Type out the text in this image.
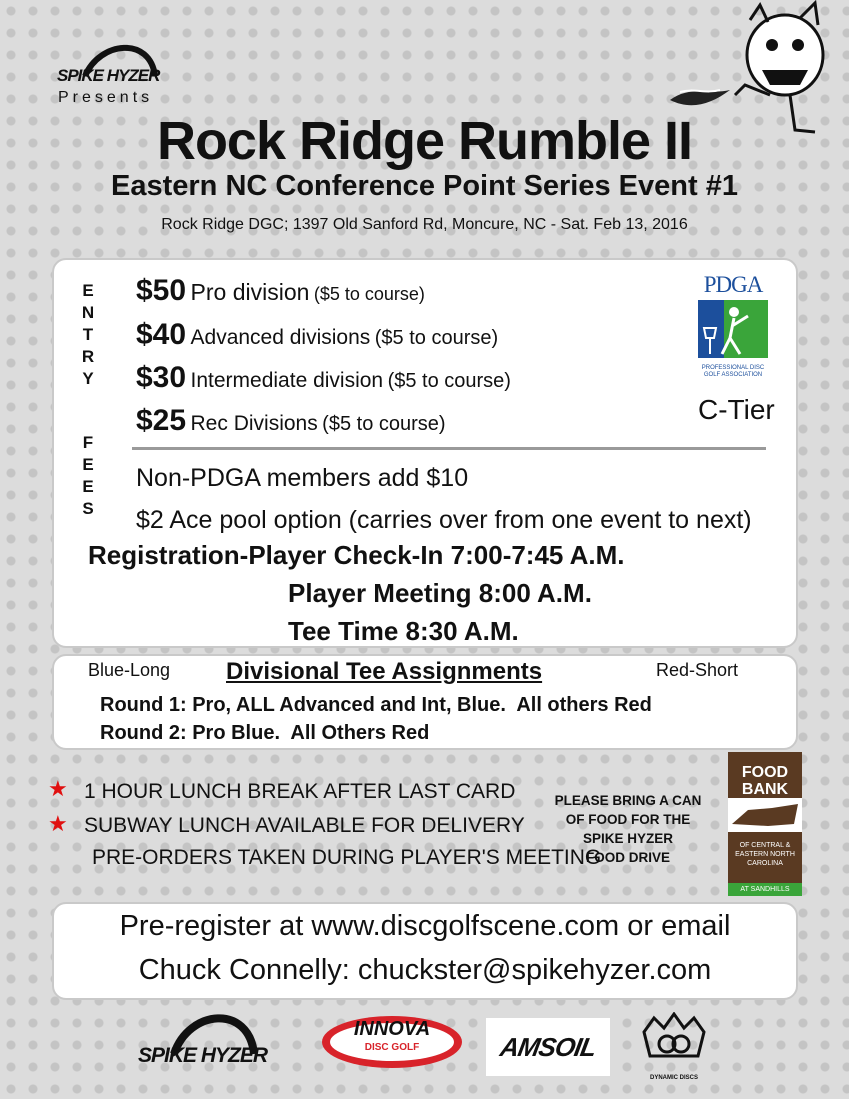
SPIKE HYZER
Presents
Rock Ridge Rumble II
Eastern NC Conference Point Series Event #1
Rock Ridge DGC; 1397 Old Sanford Rd, Moncure, NC - Sat. Feb 13, 2016
E
N
T
R
Y
F
E
E
S
$50 Pro division ($5 to course)
$40 Advanced divisions ($5 to course)
$30 Intermediate division ($5 to course)
$25 Rec Divisions ($5 to course)
Non-PDGA members add $10
$2 Ace pool option (carries over from one event to next)
PDGA
PROFESSIONAL DISC GOLF ASSOCIATION
C-Tier
Registration-Player Check-In 7:00-7:45 A.M.
Player Meeting 8:00 A.M.
Tee Time 8:30 A.M.
Blue-Long Divisional Tee Assignments	Red-Short
Round 1: Pro, ALL Advanced and Int, Blue.  All others Red
Round 2: Pro Blue.  All Others Red
★ 1 HOUR LUNCH BREAK AFTER LAST CARD
★ SUBWAY LUNCH AVAILABLE FOR DELIVERY
PRE-ORDERS TAKEN DURING PLAYER'S MEETING
PLEASE BRING A CAN
OF FOOD FOR THE
SPIKE HYZER
FOOD DRIVE
FOOD
BANK
OF CENTRAL & EASTERN NORTH CAROLINA
AT SANDHILLS
Pre-register at www.discgolfscene.com or email
Chuck Connelly: chuckster@spikehyzer.com
SPIKE HYZER
INNOVA
DISC GOLF	AMSOIL
DYNAMIC DISCS
